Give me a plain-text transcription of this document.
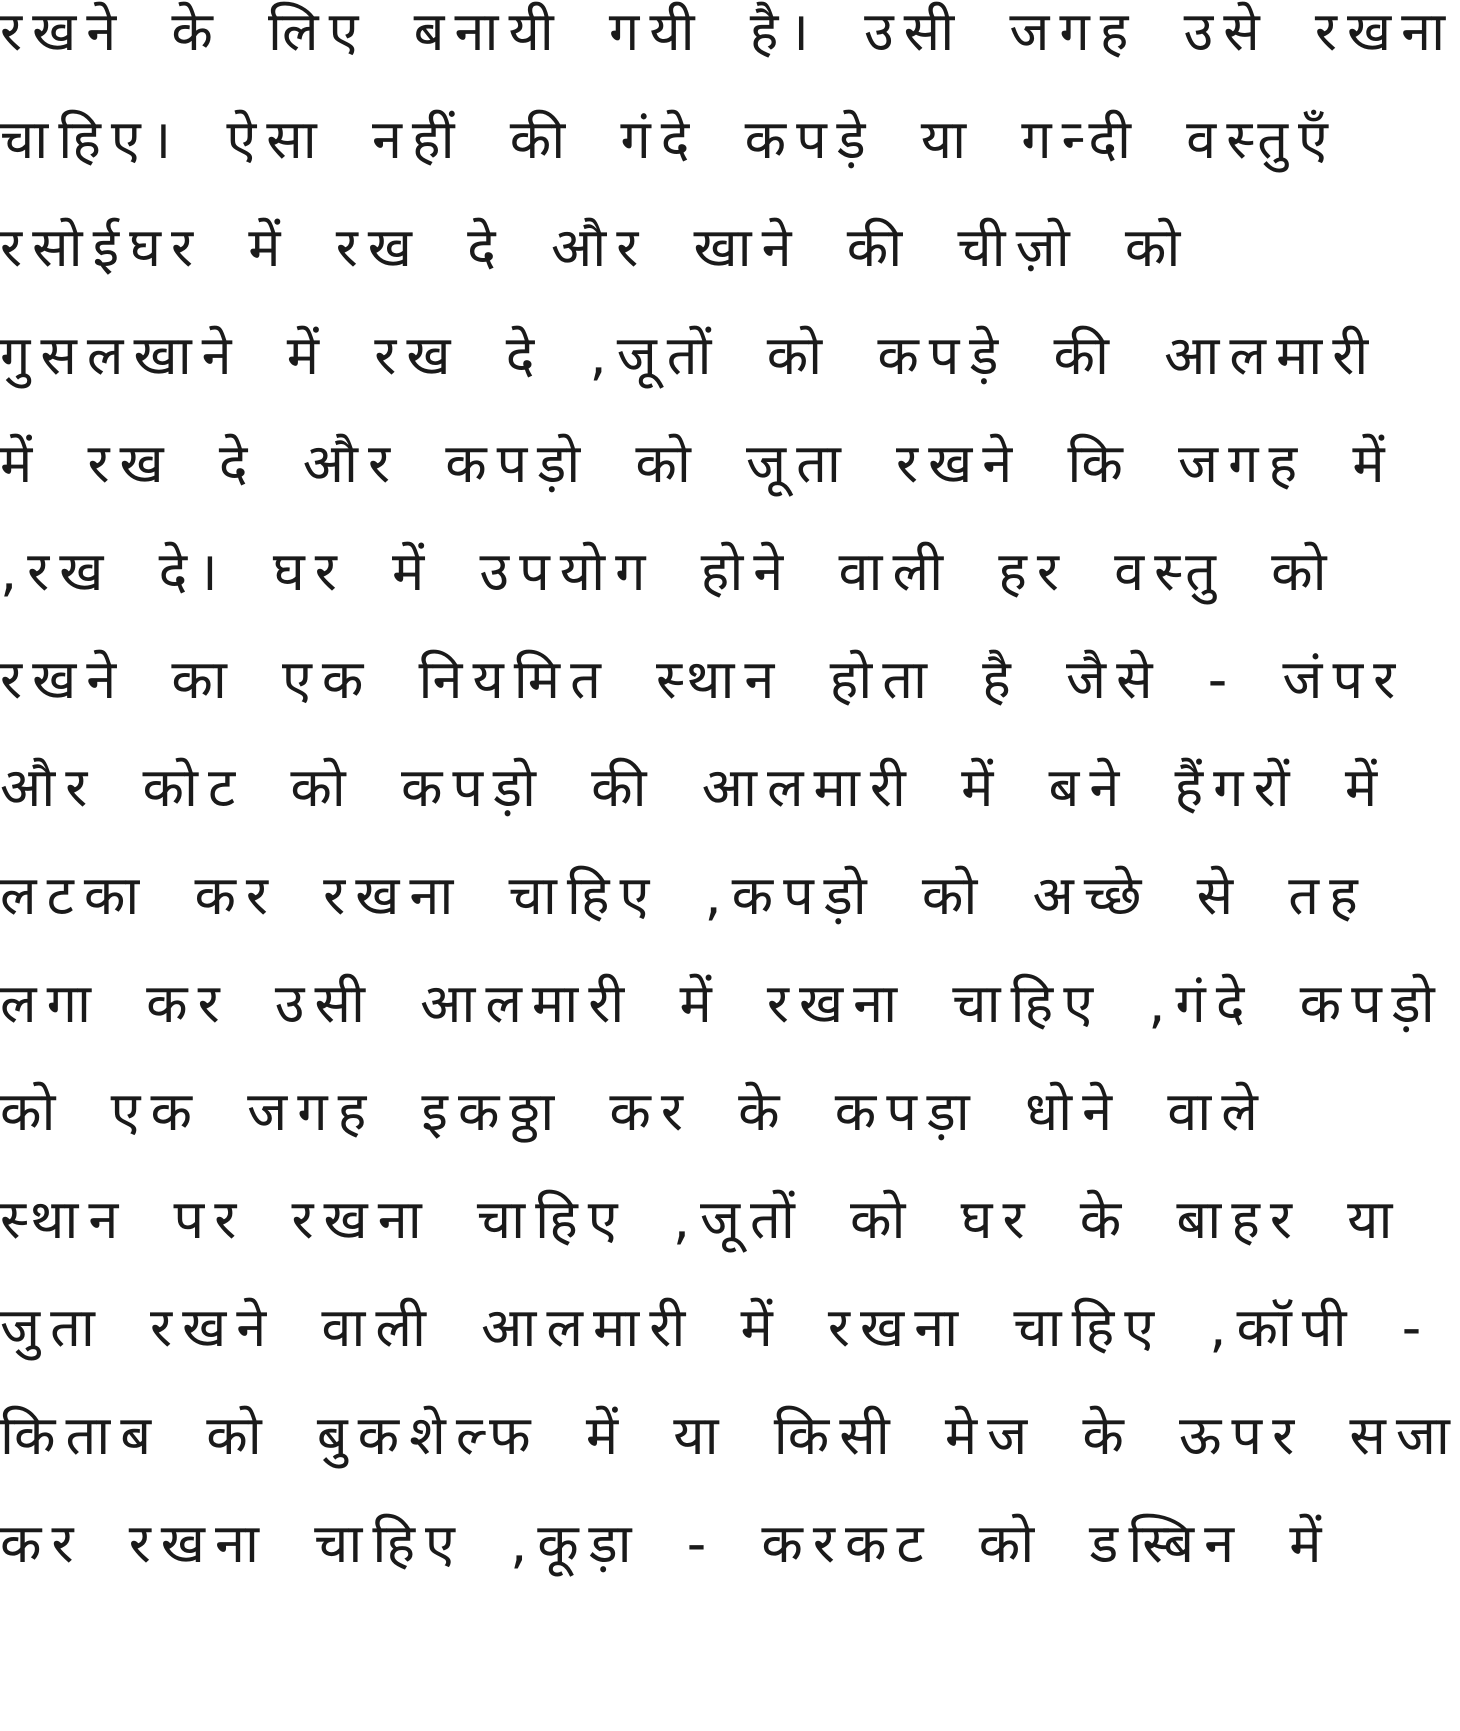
रखने के लिए बनायी गयी है। उसी जगह उसे रखना
चाहिए। ऐसा नहीं की गंदे कपड़े या गन्दी वस्तुएँ
रसोईघर में रख दे और खाने की चीज़ो को
गुसलखाने में रख दे ,जूतों को कपड़े की आलमारी
में रख दे और कपड़ो को जूता रखने कि जगह में
,रख दे। घर में उपयोग होने वाली हर वस्तु को
रखने का एक नियमित स्थान होता है जैसे - जंपर
और कोट को कपड़ो की आलमारी में बने हैंगरों में
लटका कर रखना चाहिए ,कपड़ो को अच्छे से तह
लगा कर उसी आलमारी में रखना चाहिए ,गंदे कपड़ो
को एक जगह इकठ्ठा कर के कपड़ा धोने वाले
स्थान पर रखना चाहिए ,जूतों को घर के बाहर या
जुता रखने वाली आलमारी में रखना चाहिए ,कॉपी -
किताब को बुकशेल्फ में या किसी मेज के ऊपर सजा
कर रखना चाहिए ,कूड़ा - करकट को डस्बिन में
